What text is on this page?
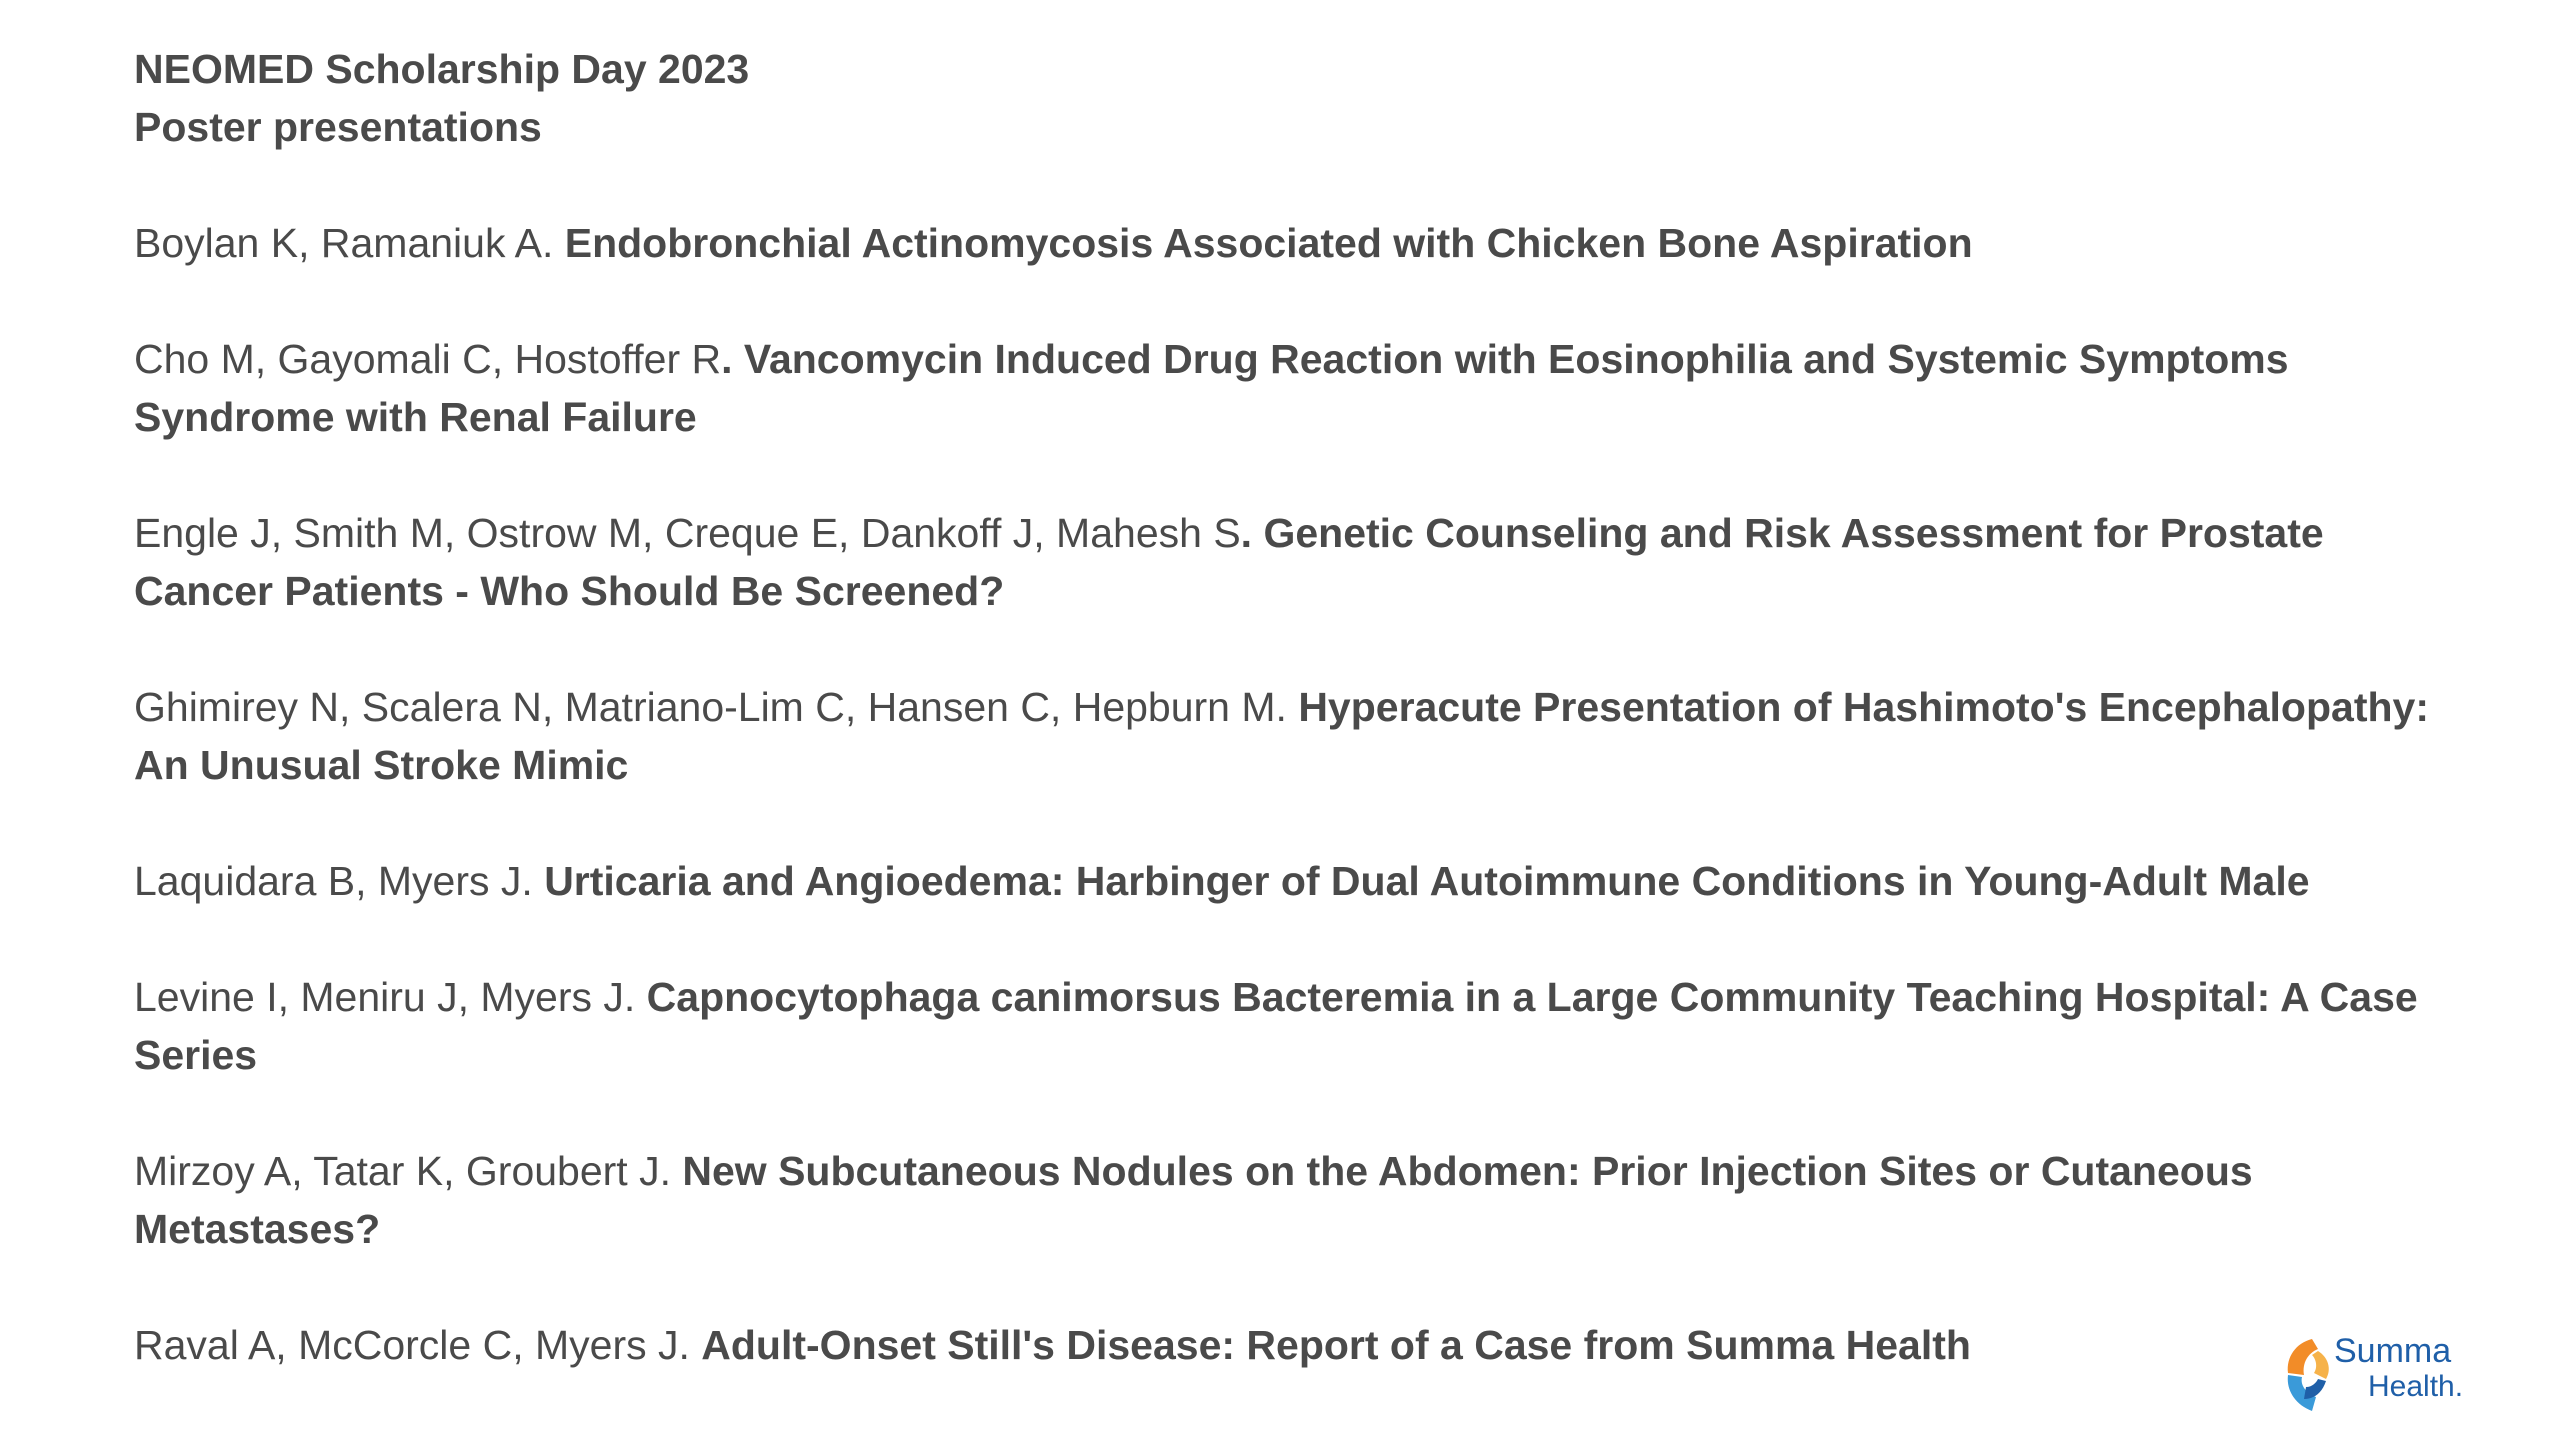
NEOMED Scholarship Day 2023
Poster presentations
Boylan K, Ramaniuk A. Endobronchial Actinomycosis Associated with Chicken Bone Aspiration
Cho M, Gayomali C, Hostoffer R. Vancomycin Induced Drug Reaction with Eosinophilia and Systemic Symptoms Syndrome with Renal Failure
Engle J, Smith M, Ostrow M, Creque E, Dankoff J, Mahesh S. Genetic Counseling and Risk Assessment for Prostate Cancer Patients - Who Should Be Screened?
Ghimirey N, Scalera N, Matriano-Lim C, Hansen C, Hepburn M. Hyperacute Presentation of Hashimoto's Encephalopathy: An Unusual Stroke Mimic
Laquidara B, Myers J. Urticaria and Angioedema: Harbinger of Dual Autoimmune Conditions in Young-Adult Male
Levine I, Meniru J, Myers J. Capnocytophaga canimorsus Bacteremia in a Large Community Teaching Hospital: A Case Series
Mirzoy A, Tatar K, Groubert J. New Subcutaneous Nodules on the Abdomen: Prior Injection Sites or Cutaneous Metastases?
Raval A, McCorcle C, Myers J. Adult-Onset Still's Disease: Report of a Case from Summa Health	Summa
Health.
